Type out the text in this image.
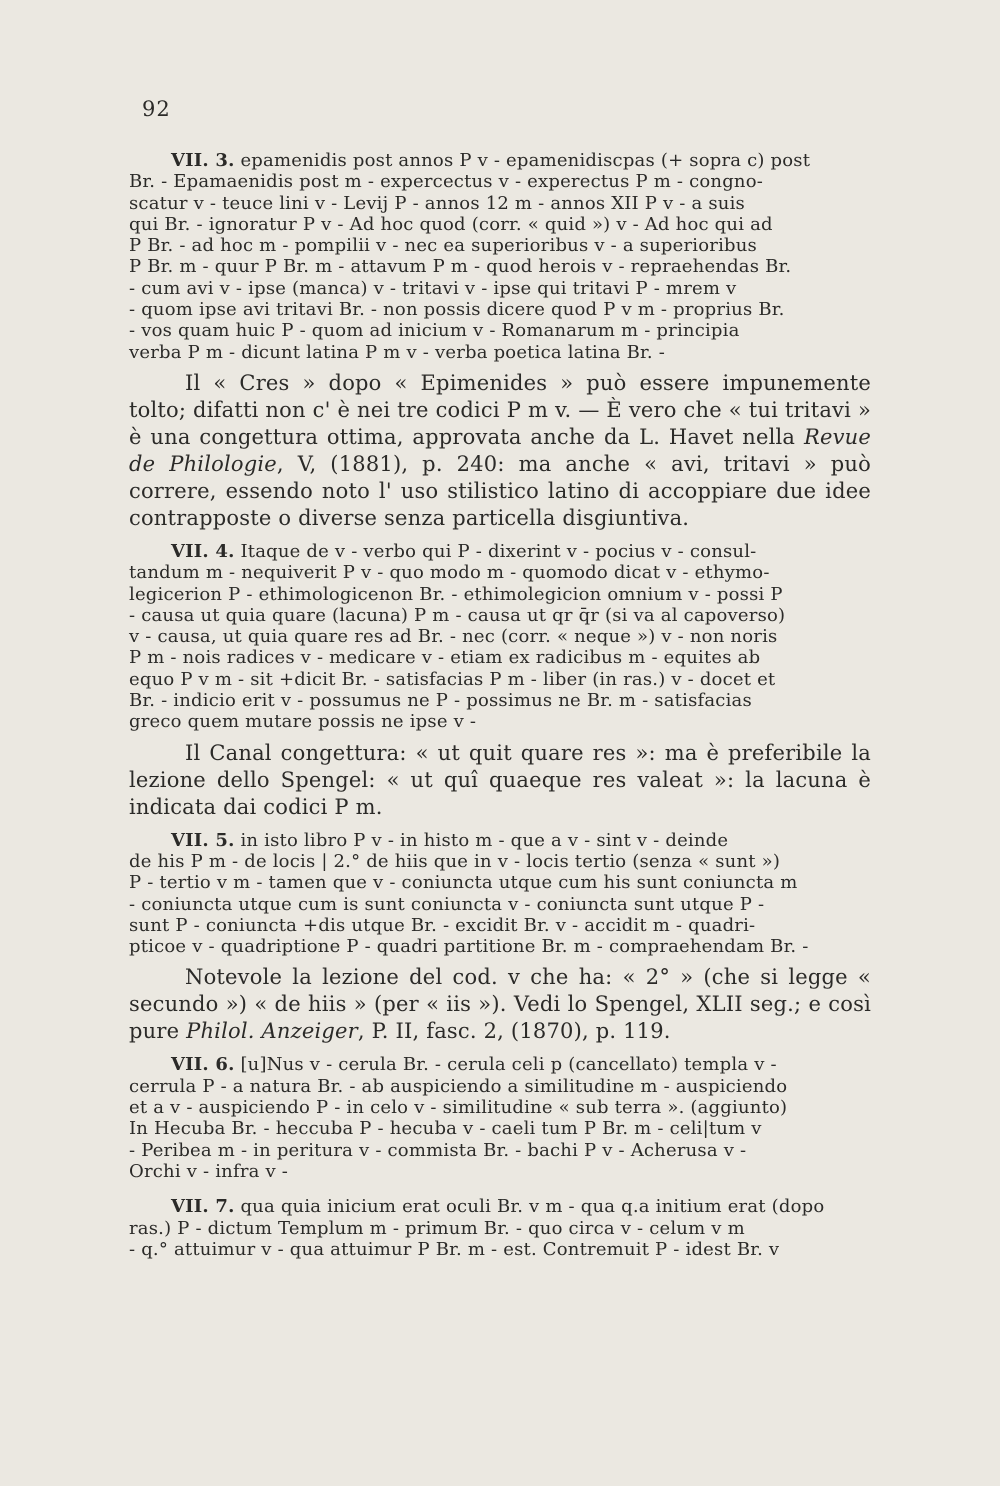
92

VII. 3. epamenidis post annos P v - epamenidiscpas (+ sopra c) post

Br. - Epamaenidis post m - expercectus v - experectus P m - congno-

scatur v - teuce lini v - Levij P - annos 12 m - annos XII P v - a suis

qui Br. - ignoratur P v - Ad hoc quod (corr. « quid ») v - Ad hoc qui ad

P Br. - ad hoc m - pompilii v - nec ea superioribus v - a superioribus

P Br. m - quur P Br. m - attavum P m - quod herois v - repraehendas Br.

- cum avi v - ipse (manca) v - tritavi v - ipse qui tritavi P - mrem v

- quom ipse avi tritavi Br. - non possis dicere quod P v m - proprius Br.

- vos quam huic P - quom ad inicium v - Romanarum m - principia

verba P m - dicunt latina P m v - verba poetica latina Br. -

Il « Cres » dopo « Epimenides » può essere impunemente tolto; difatti non c' è nei tre codici P m v. — È vero che « tui tritavi » è una congettura ottima, approvata anche da L. Havet nella Revue de Philologie, V, (1881), p. 240: ma anche « avi, tritavi » può correre, essendo noto l' uso stilistico latino di accoppiare due idee contrapposte o diverse senza particella disgiuntiva.

VII. 4. Itaque de v - verbo qui P - dixerint v - pocius v - consul-

tandum m - nequiverit P v - quo modo m - quomodo dicat v - ethymo-

legicerion P - ethimologicenon Br. - ethimolegicion omnium v - possi P

- causa ut quia quare (lacuna) P m - causa ut qr q̄r (si va al capoverso)

v - causa, ut quia quare res ad Br. - nec (corr. « neque ») v - non noris

P m - nois radices v - medicare v - etiam ex radicibus m - equites ab

equo P v m - sit +dicit Br. - satisfacias P m - liber (in ras.) v - docet et

Br. - indicio erit v - possumus ne P - possimus ne Br. m - satisfacias

greco quem mutare possis ne ipse v -

Il Canal congettura: « ut quit quare res »: ma è preferibile la lezione dello Spengel: « ut quî quaeque res valeat »: la lacuna è indicata dai codici P m.

VII. 5. in isto libro P v - in histo m - que a v - sint v - deinde

de his P m - de locis | 2.° de hiis que in v - locis tertio (senza « sunt »)

P - tertio v m - tamen que v - coniuncta utque cum his sunt coniuncta m

- coniuncta utque cum is sunt coniuncta v - coniuncta sunt utque P -

sunt P - coniuncta +dis utque Br. - excidit Br. v - accidit m - quadri-

pticoe v - quadriptione P - quadri partitione Br. m - compraehendam Br. -

Notevole la lezione del cod. v che ha: « 2° » (che si legge « secundo ») « de hiis » (per « iis »). Vedi lo Spengel, XLII seg.; e così pure Philol. Anzeiger, P. II, fasc. 2, (1870), p. 119.

VII. 6. [u]Nus v - cerula Br. - cerula celi p (cancellato) templa v -

cerrula P - a natura Br. - ab auspiciendo a similitudine m - auspiciendo

et a v - auspiciendo P - in celo v - similitudine « sub terra ». (aggiunto)

In Hecuba Br. - heccuba P - hecuba v - caeli tum P Br. m - celi|tum v

- Peribea m - in peritura v - commista Br. - bachi P v - Acherusa v -

Orchi v - infra v -

VII. 7. qua quia inicium erat oculi Br. v m - qua q.a initium erat (dopo

ras.) P - dictum Templum m - primum Br. - quo circa v - celum v m

- q.° attuimur v - qua attuimur P Br. m - est. Contremuit P - idest Br. v
